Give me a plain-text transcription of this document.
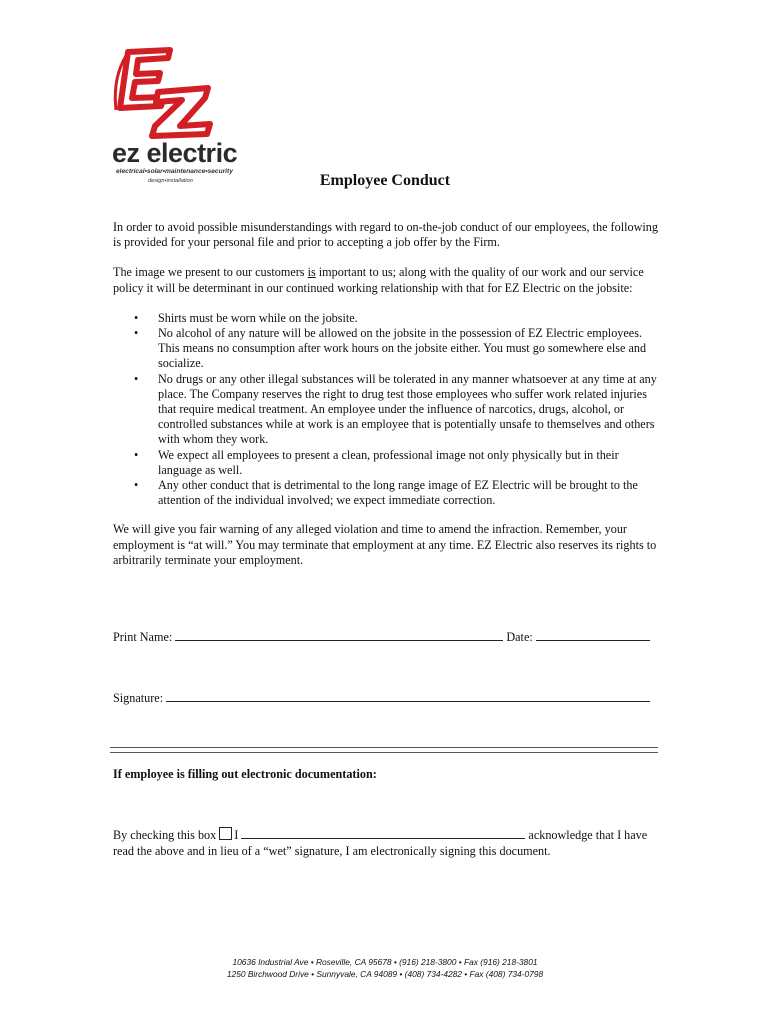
ez electric
electrical•solar•maintenance•security
design•installation	Employee Conduct

In order to avoid possible misunderstandings with regard to on-the-job conduct of our employees, the following is provided for your personal file and prior to accepting a job offer by the Firm.

The image we present to our customers is important to us; along with the quality of our work and our service policy it will be determinant in our continued working relationship with that for EZ Electric on the jobsite:

• Shirts must be worn while on the jobsite.
• No alcohol of any nature will be allowed on the jobsite in the possession of EZ Electric employees. This means no consumption after work hours on the jobsite either. You must go somewhere else and socialize.
• No drugs or any other illegal substances will be tolerated in any manner whatsoever at any time at any place. The Company reserves the right to drug test those employees who suffer work related injuries that require medical treatment. An employee under the influence of narcotics, drugs, alcohol, or controlled substances while at work is an employee that is potentially unsafe to themselves and others with whom they work.
• We expect all employees to present a clean, professional image not only physically but in their language as well.
• Any other conduct that is detrimental to the long range image of EZ Electric will be brought to the attention of the individual involved; we expect immediate correction.

We will give you fair warning of any alleged violation and time to amend the infraction. Remember, your employment is “at will.” You may terminate that employment at any time. EZ Electric also reserves its rights to arbitrarily terminate your employment.

Print Name:	Date:
Signature:
If employee is filling out electronic documentation:
By checking this box I	acknowledge that I have read the above and in lieu of a “wet” signature, I am electronically signing this document.
10636 Industrial Ave • Roseville, CA 95678 • (916) 218-3800 • Fax (916) 218-3801
1250 Birchwood Drive • Sunnyvale, CA 94089 • (408) 734-4282 • Fax (408) 734-0798
